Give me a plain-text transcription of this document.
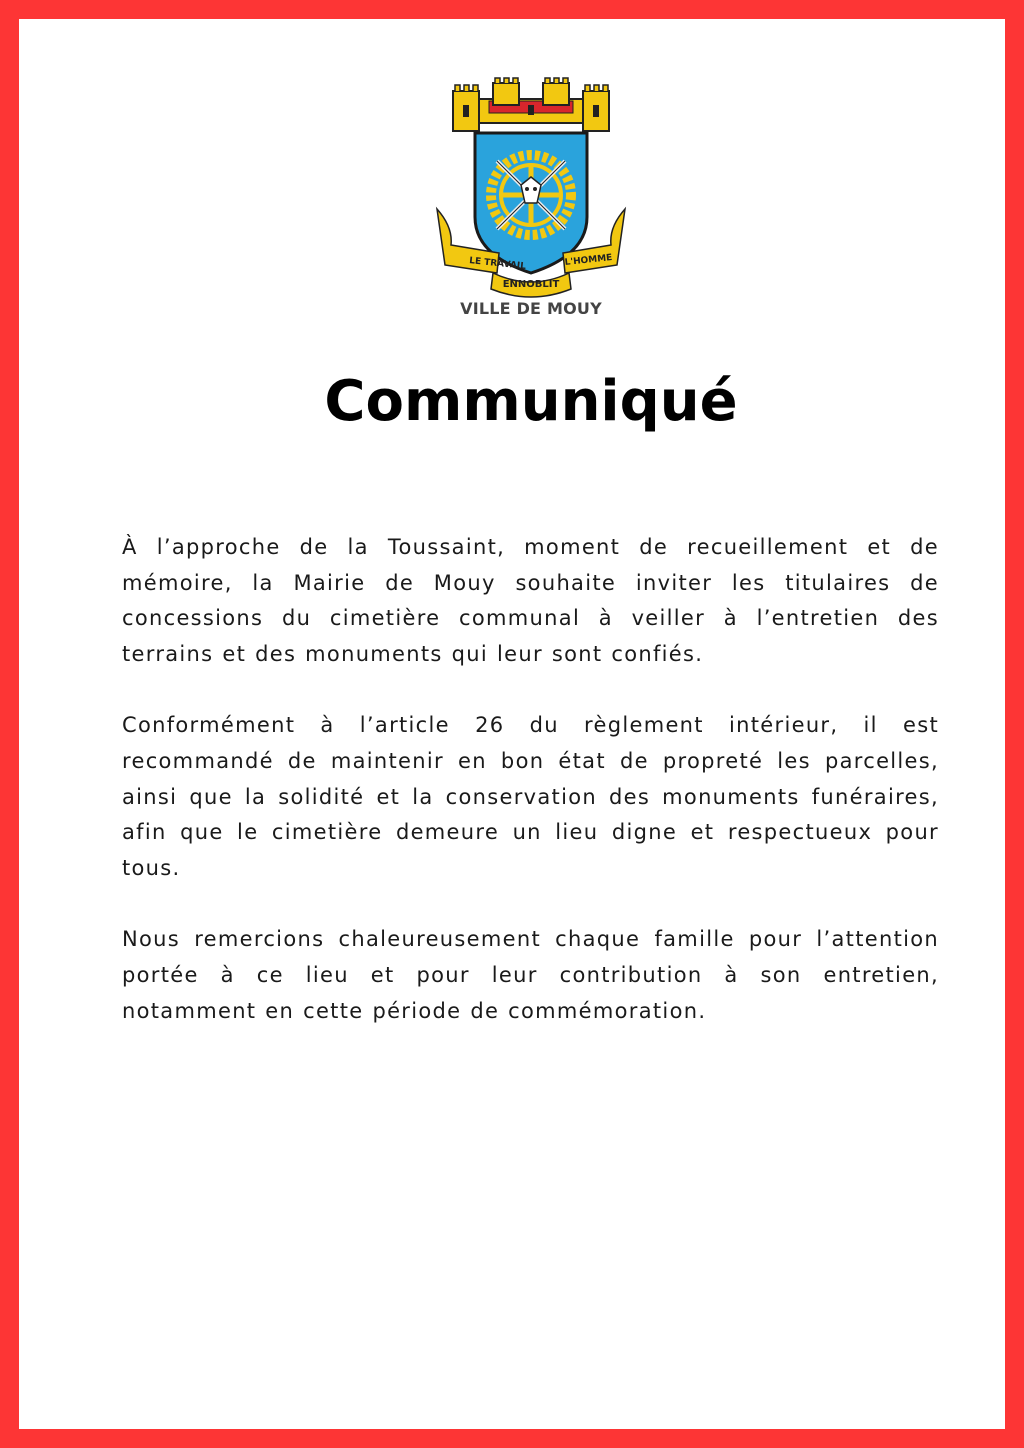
LE TRAVAIL	L'HOMME
ENNOBLIT
VILLE DE MOUY
Communiqué

À l’approche de la Toussaint, moment de recueillement et de mémoire, la Mairie de Mouy souhaite inviter les titulaires de concessions du cimetière communal à veiller à l’entretien des terrains et des monuments qui leur sont confiés.

Conformément à l’article 26 du règlement intérieur, il est recommandé de maintenir en bon état de propreté les parcelles, ainsi que la solidité et la conservation des monuments funéraires, afin que le cimetière demeure un lieu digne et respectueux pour tous.

Nous remercions chaleureusement chaque famille pour l’attention portée à ce lieu et pour leur contribution à son entretien, notamment en cette période de commémoration.
